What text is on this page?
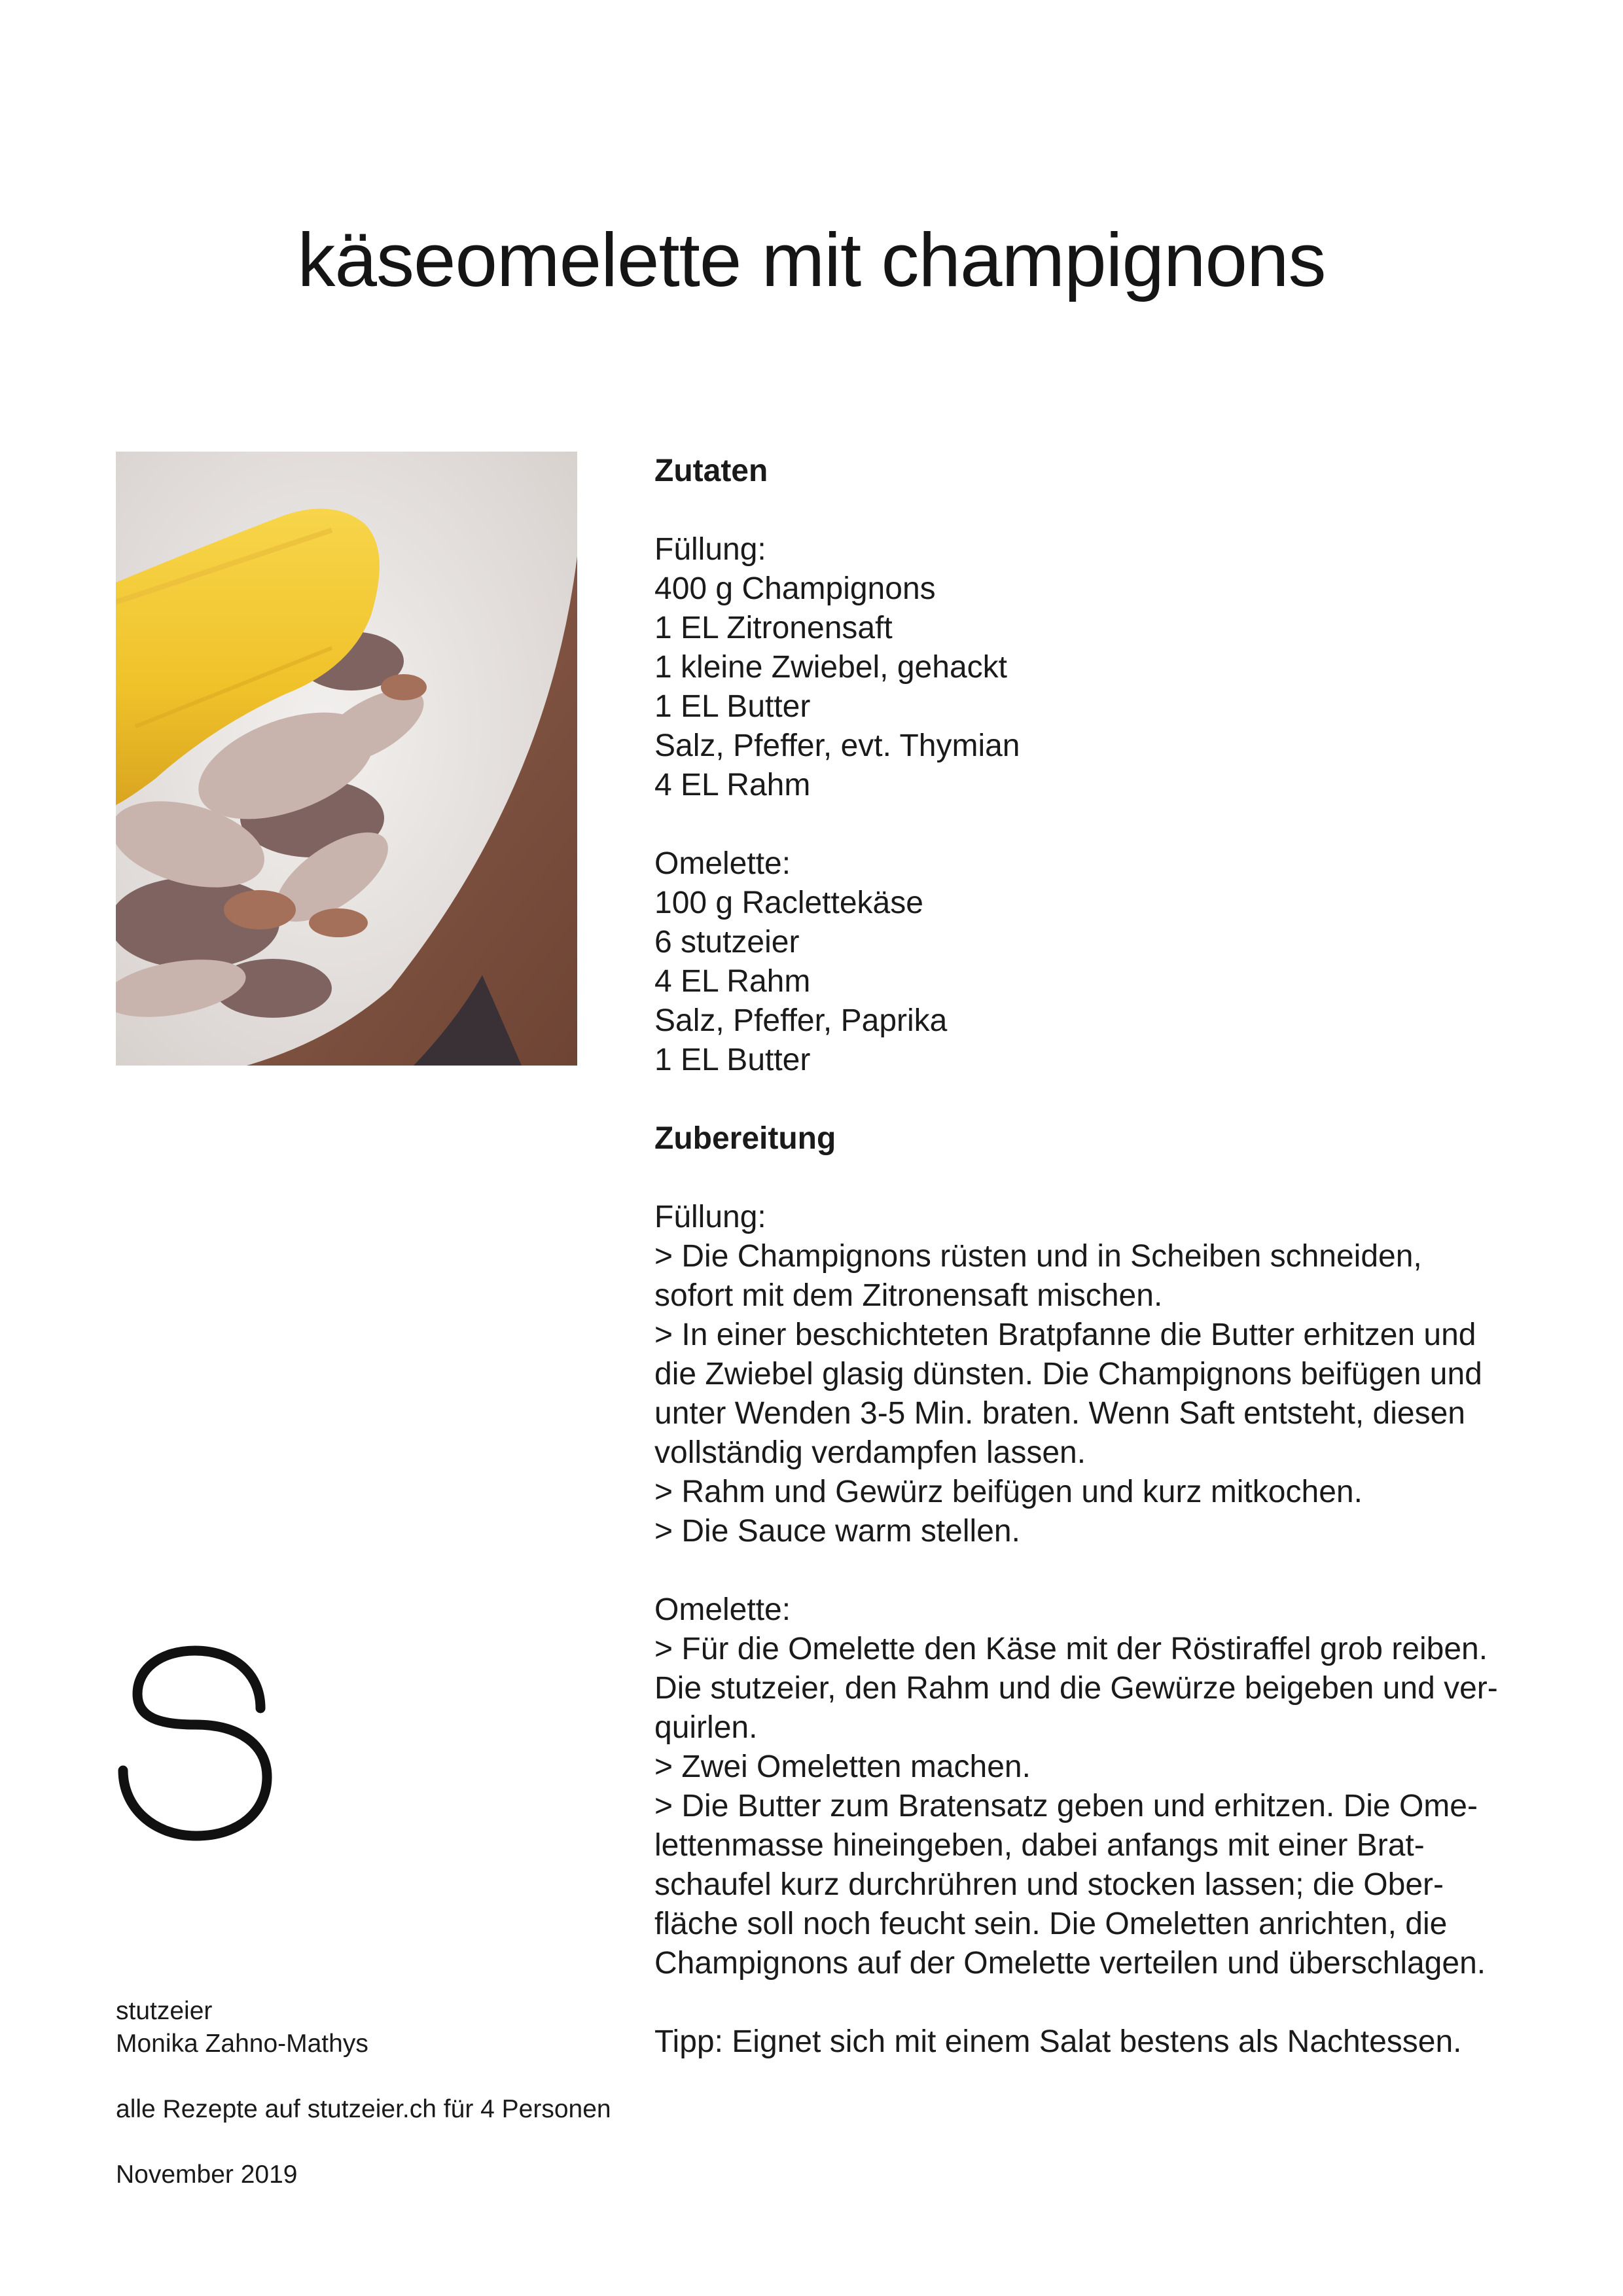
käseomelette mit champignons
Zutaten
Füllung:
400 g Champignons
1 EL Zitronensaft
1 kleine Zwiebel, gehackt
1 EL Butter
Salz, Pfeffer, evt. Thymian
4 EL Rahm
Omelette:
100 g Raclettekäse
6 stutzeier
4 EL Rahm
Salz, Pfeffer, Paprika
1 EL Butter
Zubereitung
Füllung:
> Die Champignons rüsten und in Scheiben schneiden,
sofort mit dem Zitronensaft mischen.
> In einer beschichteten Bratpfanne die Butter erhitzen und
die Zwiebel glasig dünsten. Die Champignons beifügen und
unter Wenden 3-5 Min. braten. Wenn Saft entsteht, diesen
vollständig verdampfen lassen.
> Rahm und Gewürz beifügen und kurz mitkochen.
> Die Sauce warm stellen.
Omelette:
> Für die Omelette den Käse mit der Röstiraffel grob reiben.
Die stutzeier, den Rahm und die Gewürze beigeben und ver-
quirlen.
> Zwei Omeletten machen.
> Die Butter zum Bratensatz geben und erhitzen. Die Ome-
lettenmasse hineingeben, dabei anfangs mit einer Brat-
schaufel kurz durchrühren und stocken lassen; die Ober-
fläche soll noch feucht sein. Die Omeletten anrichten, die
Champignons auf der Omelette verteilen und überschlagen.
Tipp: Eignet sich mit einem Salat bestens als Nachtessen.
stutzeier
Monika Zahno-Mathys
alle Rezepte auf stutzeier.ch für 4 Personen
November 2019
